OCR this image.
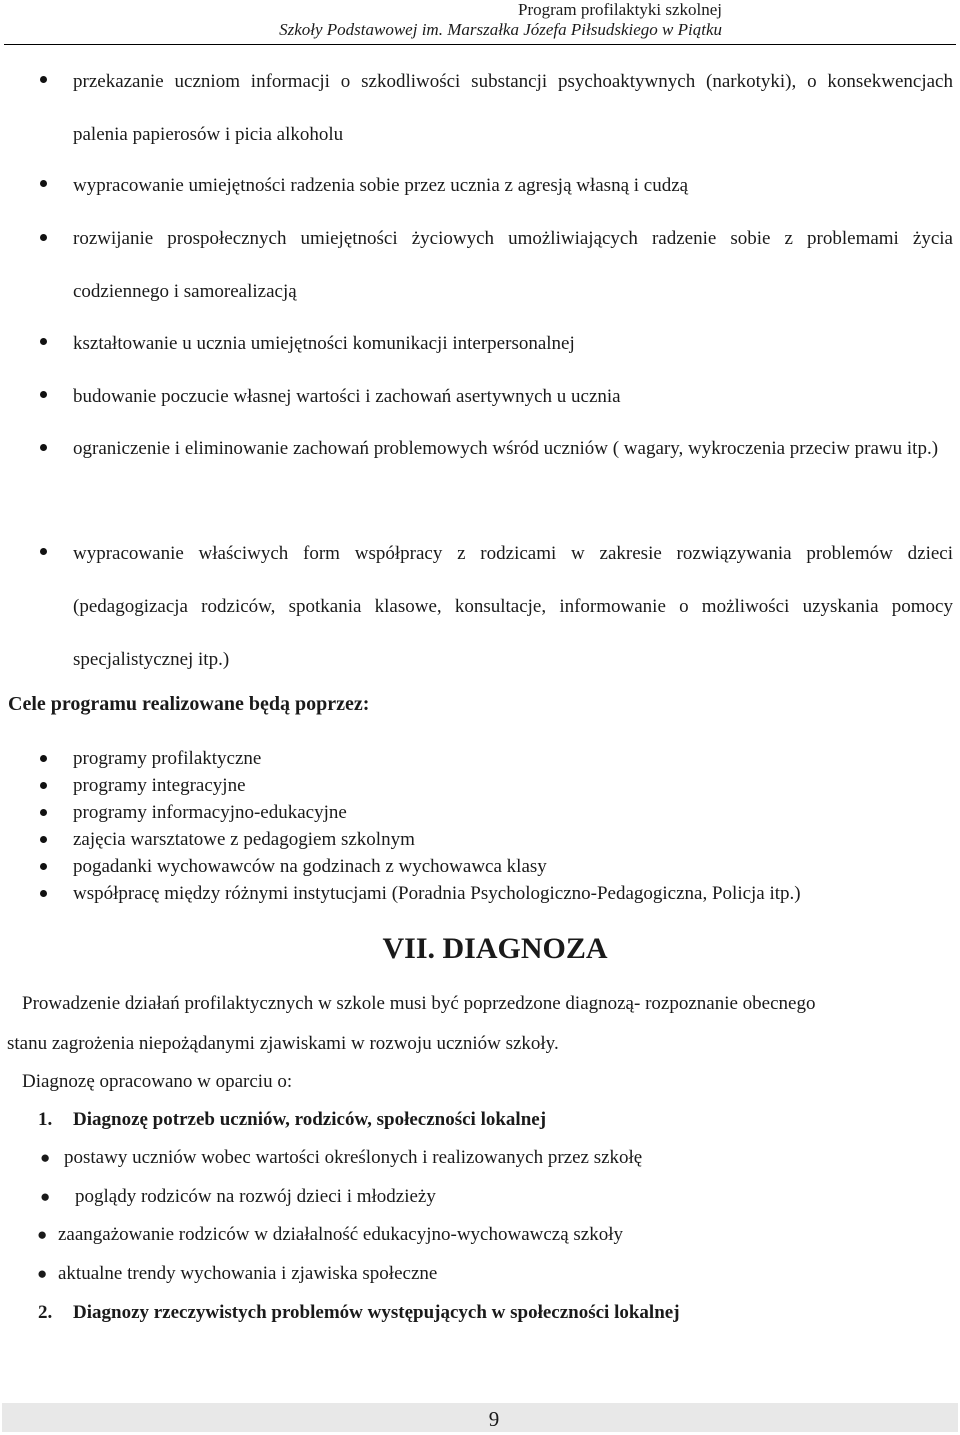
Program profilaktyki szkolnej
Szkoły Podstawowej im. Marszałka Józefa Piłsudskiego w Piątku
przekazanie uczniom informacji o szkodliwości substancji psychoaktywnych (narkotyki), o konsekwencjach palenia papierosów i picia alkoholu
wypracowanie umiejętności radzenia sobie przez ucznia z agresją własną i cudzą
rozwijanie prospołecznych umiejętności życiowych umożliwiających radzenie sobie z problemami życia codziennego i samorealizacją
kształtowanie u ucznia umiejętności komunikacji interpersonalnej
budowanie poczucie własnej wartości i zachowań asertywnych u ucznia
ograniczenie i eliminowanie zachowań problemowych wśród uczniów ( wagary, wykroczenia przeciw prawu itp.)
wypracowanie właściwych form współpracy z rodzicami w zakresie rozwiązywania problemów dzieci (pedagogizacja rodziców, spotkania klasowe, konsultacje, informowanie o możliwości uzyskania pomocy specjalistycznej itp.)
Cele programu realizowane będą poprzez:
programy profilaktyczne
programy integracyjne
programy informacyjno-edukacyjne
zajęcia warsztatowe z pedagogiem szkolnym
pogadanki wychowawców na godzinach z wychowawca klasy
współpracę między różnymi instytucjami (Poradnia Psychologiczno-Pedagogiczna, Policja itp.)
VII. DIAGNOZA
Prowadzenie działań profilaktycznych w szkole musi być poprzedzone diagnozą- rozpoznanie obecnego
stanu zagrożenia niepożądanymi zjawiskami w rozwoju uczniów szkoły.
Diagnozę opracowano w oparciu o:
1. Diagnozę potrzeb uczniów, rodziców, społeczności lokalnej
● postawy uczniów wobec wartości określonych i realizowanych przez szkołę
● poglądy rodziców na rozwój dzieci i młodzieży
● zaangażowanie rodziców w działalność edukacyjno-wychowawczą szkoły
● aktualne trendy wychowania i zjawiska społeczne
2. Diagnozy rzeczywistych problemów występujących w społeczności lokalnej
9
